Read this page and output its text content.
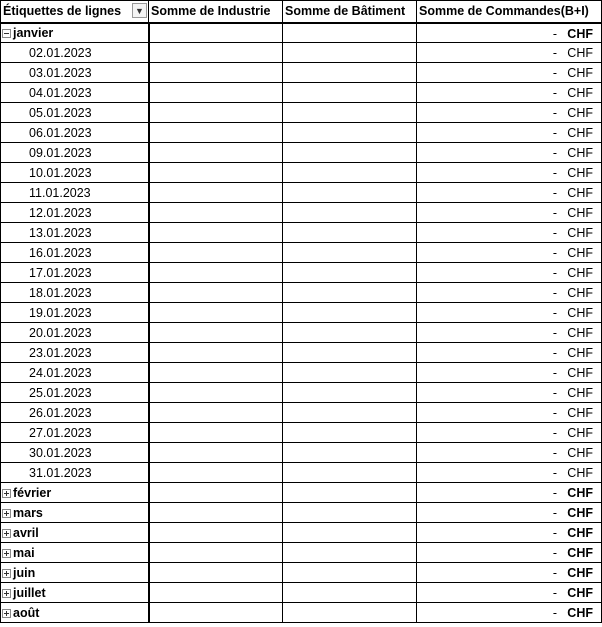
Étiquettes de lignes ▼	Somme de Industrie	Somme de Bâtiment	Somme de Commandes(B+I)
janvier			- CHF

02.01.2023			- CHF

03.01.2023			- CHF

04.01.2023			- CHF

05.01.2023			- CHF

06.01.2023			- CHF

09.01.2023			- CHF

10.01.2023			- CHF

11.01.2023			- CHF

12.01.2023			- CHF

13.01.2023			- CHF

16.01.2023			- CHF

17.01.2023			- CHF

18.01.2023			- CHF

19.01.2023			- CHF

20.01.2023			- CHF

23.01.2023			- CHF

24.01.2023			- CHF

25.01.2023			- CHF

26.01.2023			- CHF

27.01.2023			- CHF

30.01.2023			- CHF

31.01.2023			- CHF

février			- CHF

mars			- CHF

avril			- CHF

mai			- CHF

juin			- CHF

juillet			- CHF

août			- CHF
